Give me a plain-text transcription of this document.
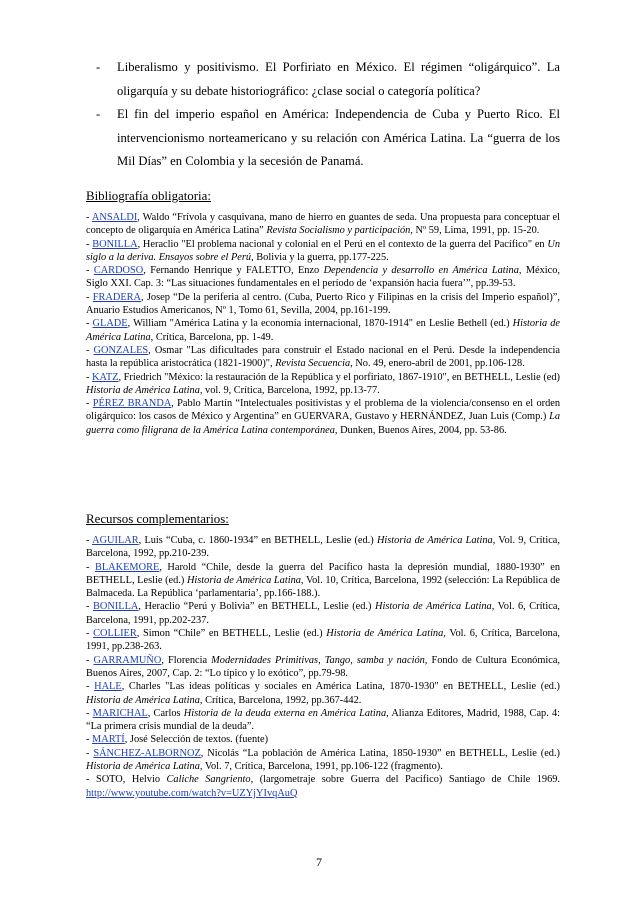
- Liberalismo y positivismo. El Porfiriato en México. El régimen “oligárquico”. La oligarquía y su debate historiográfico: ¿clase social o categoría política?
- El fin del imperio español en América: Independencia de Cuba y Puerto Rico. El intervencionismo norteamericano y su relación con América Latina. La “guerra de los Mil Días” en Colombia y la secesión de Panamá.
Bibliografía obligatoria:

- ANSALDI, Waldo “Frívola y casquivana, mano de hierro en guantes de seda. Una propuesta para conceptuar el concepto de oligarquía en América Latina” Revista Socialismo y participación, Nº 59, Lima, 1991, pp. 15-20.

- BONILLA, Heraclio "El problema nacional y colonial en el Perú en el contexto de la guerra del Pacífico" en Un siglo a la deriva. Ensayos sobre el Perú, Bolivia y la guerra, pp.177-225.

- CARDOSO, Fernando Henrique y FALETTO, Enzo Dependencia y desarrollo en América Latina, México, Siglo XXI. Cap. 3: “Las situaciones fundamentales en el período de ‘expansión hacia fuera’”, pp.39-53.

- FRADERA, Josep “De la periferia al centro. (Cuba, Puerto Rico y Filipinas en la crisis del Imperio español)”, Anuario Estudios Americanos, Nº 1, Tomo 61, Sevilla, 2004, pp.161-199.

- GLADE, William "América Latina y la economía internacional, 1870-1914" en Leslie Bethell (ed.) Historia de América Latina, Crítica, Barcelona, pp. 1-49.

- GONZALES, Osmar "Las dificultades para construir el Estado nacional en el Perú. Desde la independencia hasta la república aristocrática (1821-1900)", Revista Secuencia, No. 49, enero-abril de 2001, pp.106-128.

- KATZ, Friedrich "México: la restauración de la República y el porfiriato, 1867-1910", en BETHELL, Leslie (ed) Historia de América Latina, vol. 9, Crítica, Barcelona, 1992, pp.13-77.

- PÉREZ BRANDA, Pablo Martín “Intelectuales positivistas y el problema de la violencia/consenso en el orden oligárquico: los casos de México y Argentina” en GUERVARA, Gustavo y HERNÁNDEZ, Juan Luis (Comp.) La guerra como filigrana de la América Latina contemporánea, Dunken, Buenos Aires, 2004, pp. 53-86.

Recursos complementarios:

- AGUILAR, Luis “Cuba, c. 1860-1934” en BETHELL, Leslie (ed.) Historia de América Latina, Vol. 9, Crítica, Barcelona, 1992, pp.210-239.

- BLAKEMORE, Harold “Chile, desde la guerra del Pacífico hasta la depresión mundial, 1880-1930” en BETHELL, Leslie (ed.) Historia de América Latina, Vol. 10, Crítica, Barcelona, 1992 (selección: La República de Balmaceda. La República ‘parlamentaria’, pp.166-188.).

- BONILLA, Heraclio “Perú y Bolivia” en BETHELL, Leslie (ed.) Historia de América Latina, Vol. 6, Crítica, Barcelona, 1991, pp.202-237.

- COLLIER, Simon “Chile” en BETHELL, Leslie (ed.) Historia de América Latina, Vol. 6, Crítica, Barcelona, 1991, pp.238-263.

- GARRAMUÑO, Florencia Modernidades Primitivas, Tango, samba y nación, Fondo de Cultura Económica, Buenos Aires, 2007, Cap. 2: “Lo típico y lo exótico”, pp.79-98.

- HALE, Charles "Las ideas políticas y sociales en América Latina, 1870-1930" en BETHELL, Leslie (ed.) Historia de América Latina, Crítica, Barcelona, 1992, pp.367-442.

- MARICHAL, Carlos Historia de la deuda externa en América Latina, Alianza Editores, Madrid, 1988, Cap. 4: “La primera crisis mundial de la deuda”.

- MARTÍ, José Selección de textos. (fuente)

- SÁNCHEZ-ALBORNOZ, Nicolás “La población de América Latina, 1850-1930” en BETHELL, Leslie (ed.) Historia de América Latina, Vol. 7, Crítica, Barcelona, 1991, pp.106-122 (fragmento).

- SOTO, Helvio Caliche Sangriento, (largometraje sobre Guerra del Pacífico) Santiago de Chile 1969. http://www.youtube.com/watch?v=UZYjYIvqAuQ

7
